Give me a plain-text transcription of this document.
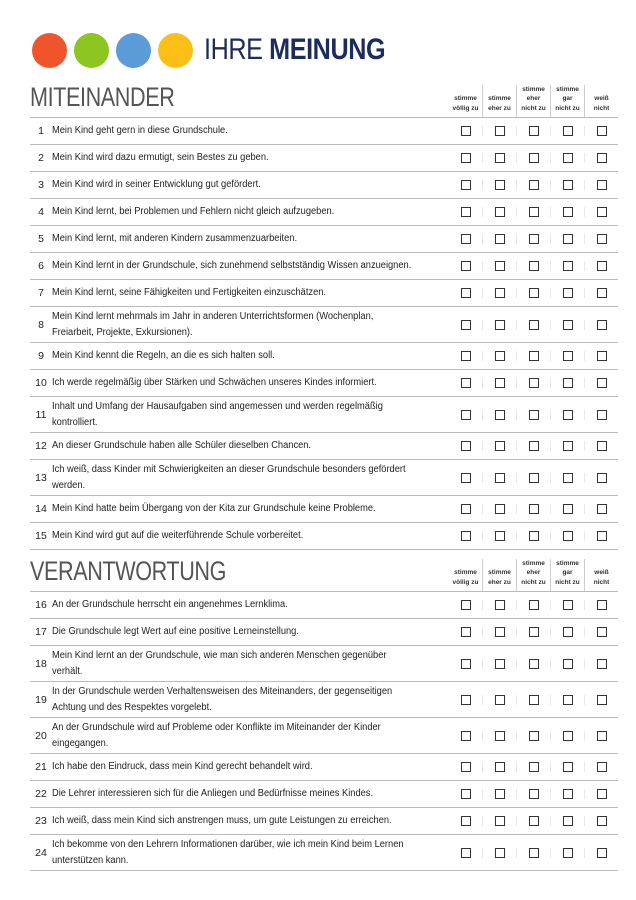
IHRE MEINUNG
MITEINANDER
	stimme
völlig zu

stimme
eher zu
stimme
eher
nicht zu
stimme
gar
nicht zu

weiß
nicht
1 Mein Kind geht gern in diese Grundschule.
2 Mein Kind wird dazu ermutigt, sein Bestes zu geben.
3 Mein Kind wird in seiner Entwicklung gut gefördert.
4 Mein Kind lernt, bei Problemen und Fehlern nicht gleich aufzugeben.
5 Mein Kind lernt, mit anderen Kindern zusammenzuarbeiten.
6 Mein Kind lernt in der Grundschule, sich zunehmend selbstständig Wissen anzueignen.
7 Mein Kind lernt, seine Fähigkeiten und Fertigkeiten einzuschätzen.
8
Mein Kind lernt mehrmals im Jahr in anderen Unterrichtsformen (Wochenplan, Freiarbeit, Projekte, Exkursionen).
9 Mein Kind kennt die Regeln, an die es sich halten soll.
10 Ich werde regelmäßig über Stärken und Schwächen unseres Kindes informiert.
11
Inhalt und Umfang der Hausaufgaben sind angemessen und werden regelmäßig kontrolliert.
12 An dieser Grundschule haben alle Schüler dieselben Chancen.
13
Ich weiß, dass Kinder mit Schwierigkeiten an dieser Grundschule besonders gefördert werden.
14 Mein Kind hatte beim Übergang von der Kita zur Grundschule keine Probleme.
15 Mein Kind wird gut auf die weiterführende Schule vorbereitet.
VERANTWORTUNG
	stimme
völlig zu

stimme
eher zu
stimme
eher
nicht zu
stimme
gar
nicht zu

weiß
nicht
16 An der Grundschule herrscht ein angenehmes Lernklima.
17 Die Grundschule legt Wert auf eine positive Lerneinstellung.
18
Mein Kind lernt an der Grundschule, wie man sich anderen Menschen gegenüber verhält.
19
In der Grundschule werden Verhaltensweisen des Miteinanders, der gegenseitigen Achtung und des Respektes vorgelebt.
20
An der Grundschule wird auf Probleme oder Konflikte im Miteinander der Kinder eingegangen.
21 Ich habe den Eindruck, dass mein Kind gerecht behandelt wird.
22 Die Lehrer interessieren sich für die Anliegen und Bedürfnisse meines Kindes.
23 Ich weiß, dass mein Kind sich anstrengen muss, um gute Leistungen zu erreichen.
24
Ich bekomme von den Lehrern Informationen darüber, wie ich mein Kind beim Lernen unterstützen kann.
